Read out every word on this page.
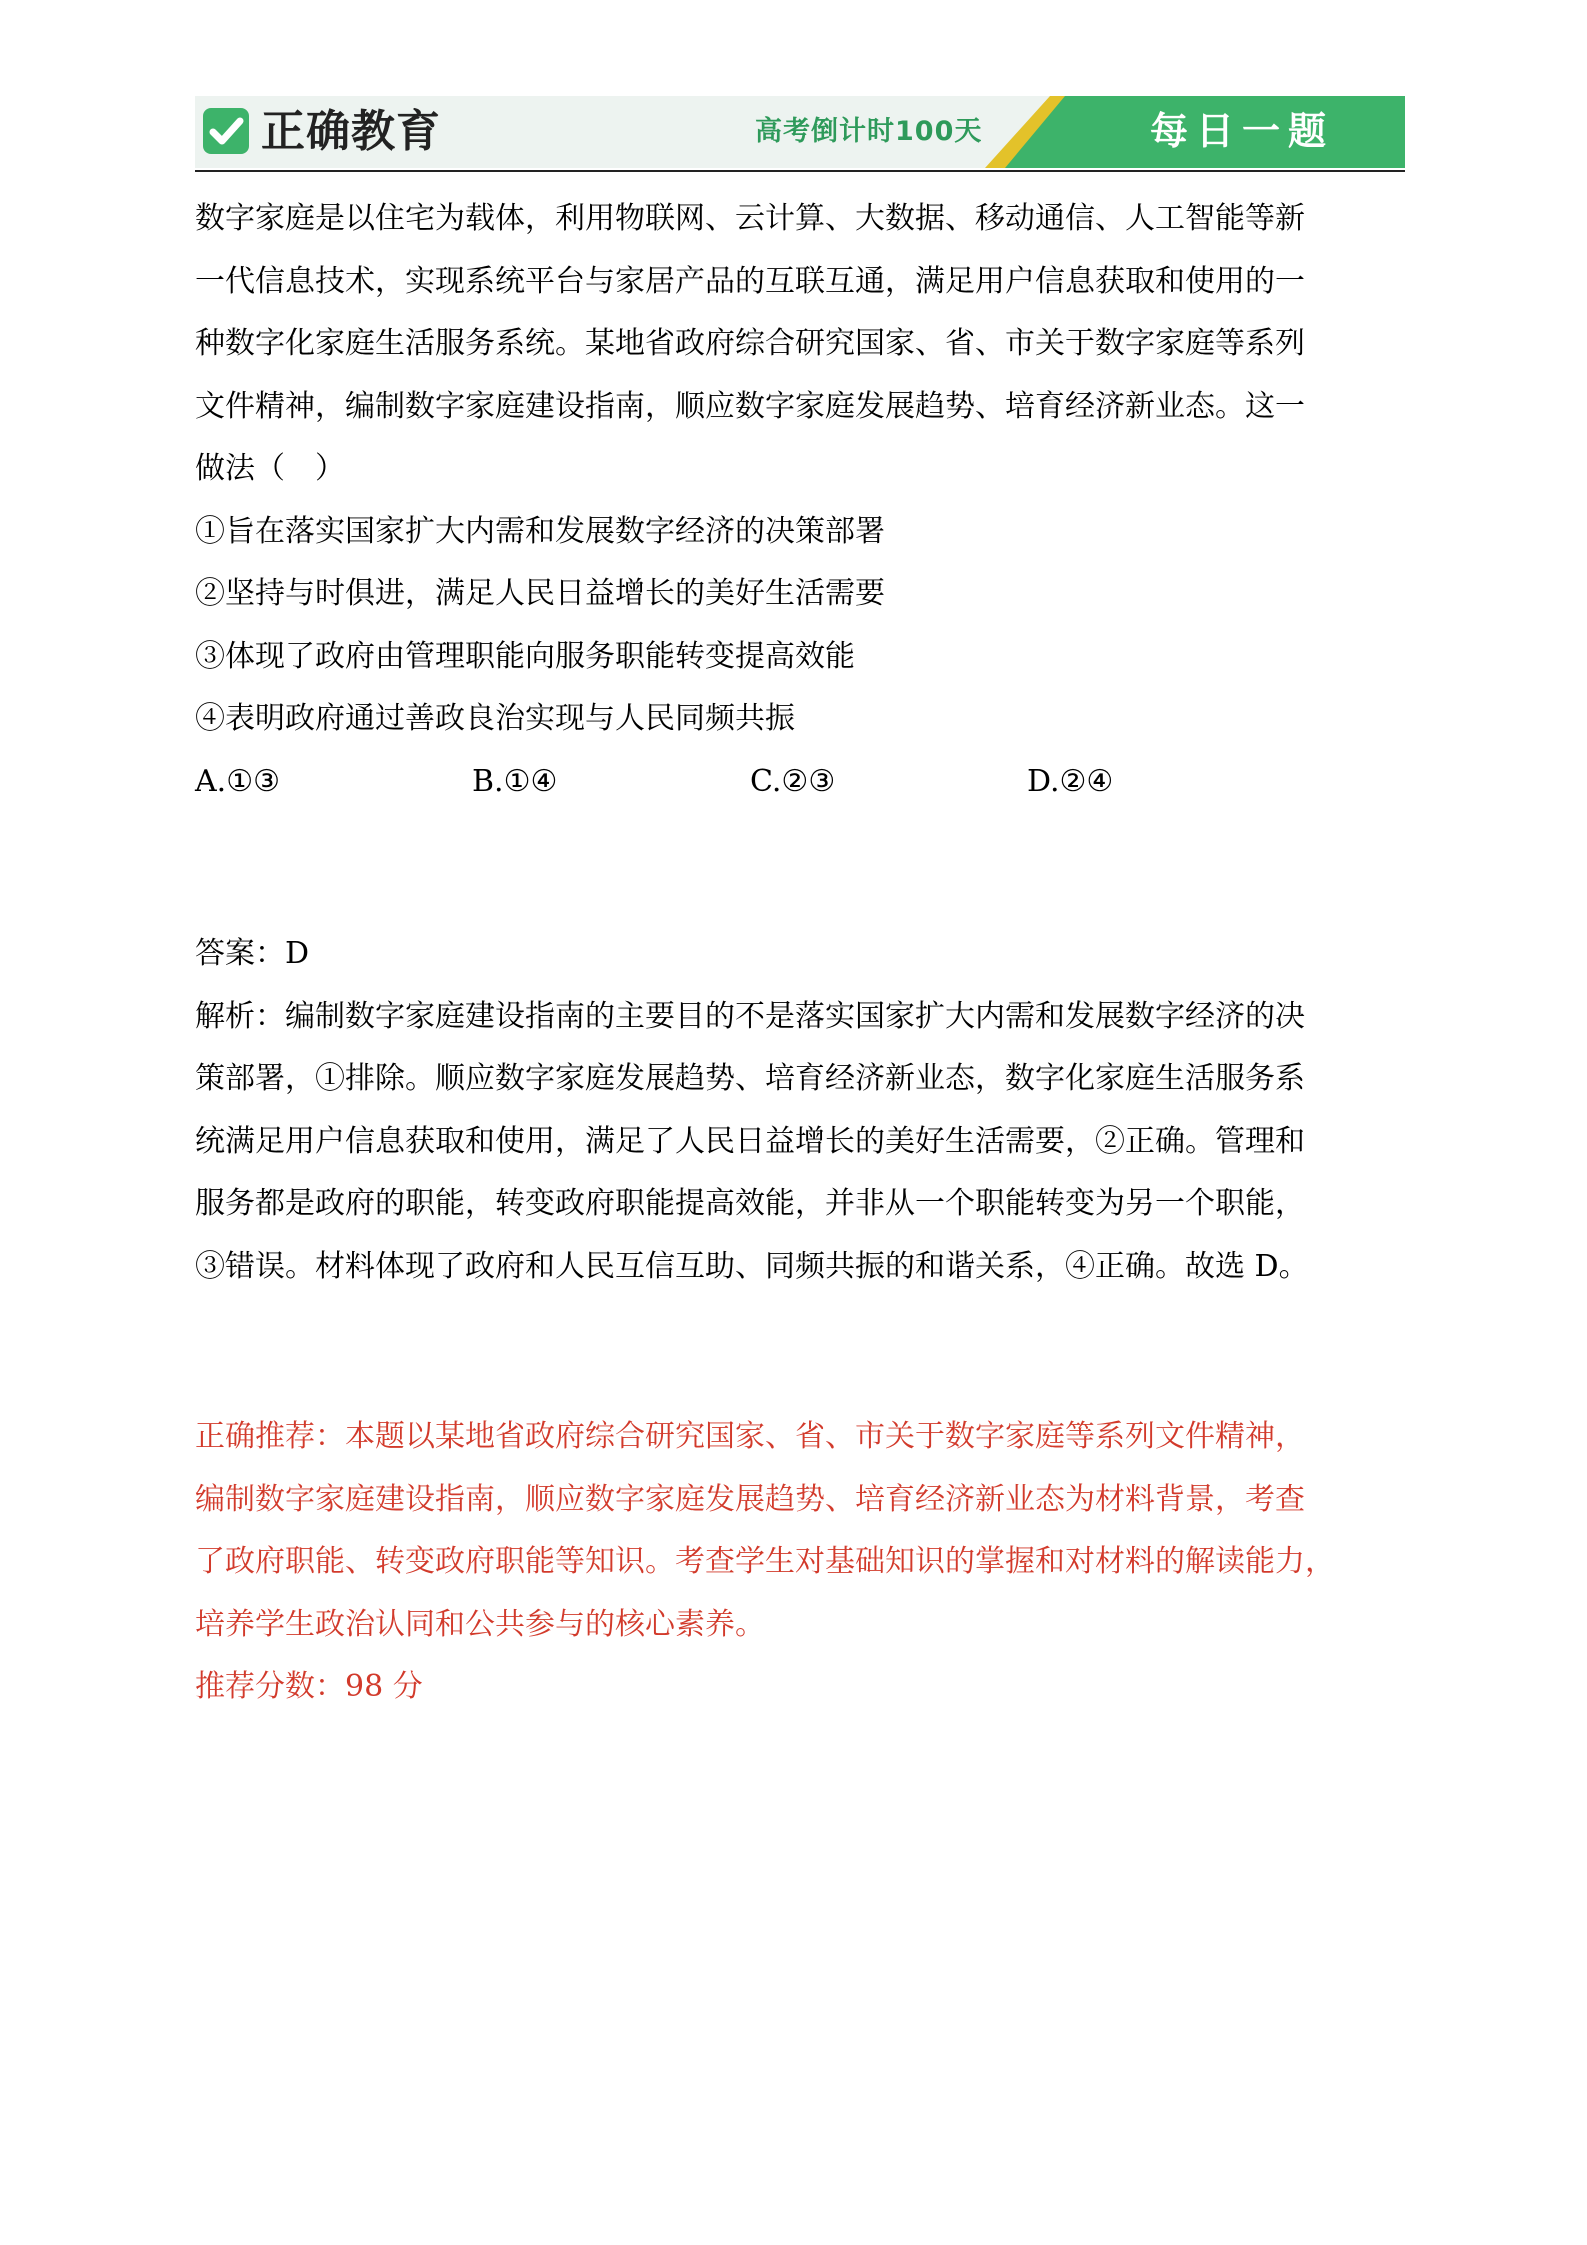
正确教育	高考倒计时100天	每日一题
数字家庭是以住宅为载体，利用物联网、云计算、大数据、移动通信、人工智能等新
一代信息技术，实现系统平台与家居产品的互联互通，满足用户信息获取和使用的一
种数字化家庭生活服务系统。某地省政府综合研究国家、省、市关于数字家庭等系列
文件精神，编制数字家庭建设指南，顺应数字家庭发展趋势、培育经济新业态。这一
做法（　）
①旨在落实国家扩大内需和发展数字经济的决策部署
②坚持与时俱进，满足人民日益增长的美好生活需要
③体现了政府由管理职能向服务职能转变提高效能
④表明政府通过善政良治实现与人民同频共振
A.①③	B.①④	C.②③	D.②④
答案：D
解析：编制数字家庭建设指南的主要目的不是落实国家扩大内需和发展数字经济的决
策部署，①排除。顺应数字家庭发展趋势、培育经济新业态，数字化家庭生活服务系
统满足用户信息获取和使用，满足了人民日益增长的美好生活需要，②正确。管理和
服务都是政府的职能，转变政府职能提高效能，并非从一个职能转变为另一个职能，
③错误。材料体现了政府和人民互信互助、同频共振的和谐关系，④正确。故选 D。
正确推荐：本题以某地省政府综合研究国家、省、市关于数字家庭等系列文件精神，
编制数字家庭建设指南，顺应数字家庭发展趋势、培育经济新业态为材料背景，考查
了政府职能、转变政府职能等知识。考查学生对基础知识的掌握和对材料的解读能力，
培养学生政治认同和公共参与的核心素养。
推荐分数：98 分
